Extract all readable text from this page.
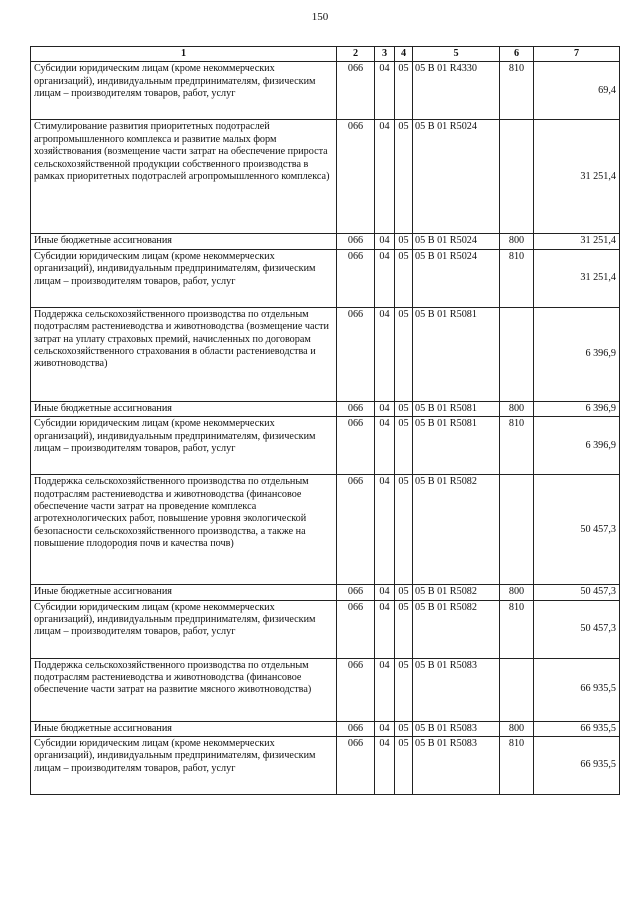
150
1	2	3	4	5	6	7
Субсидии юридическим лицам (кроме некоммерческих организаций), индивидуальным предпринимателям, физическим лицам – производителям товаров, работ, услуг	066	04	05	05 В 01 R4330	810	69,4
Стимулирование развития приоритетных подотраслей агропромышленного комплекса и развитие малых форм хозяйствования (возмещение части затрат на обеспечение прироста сельскохозяйственной продукции собственного производства в рамках приоритетных подотраслей агропромышленного комплекса)	066	04	05	05 В 01 R5024		31 251,4
Иные бюджетные ассигнования	066	04	05	05 В 01 R5024	800	31 251,4
Субсидии юридическим лицам (кроме некоммерческих организаций), индивидуальным предпринимателям, физическим лицам – производителям товаров, работ, услуг	066	04	05	05 В 01 R5024	810	31 251,4
Поддержка сельскохозяйственного производства по отдельным подотраслям растениеводства и животноводства (возмещение части затрат на уплату страховых премий, начисленных по договорам сельскохозяйственного страхования в области растениеводства и животноводства)	066	04	05	05 В 01 R5081		6 396,9
Иные бюджетные ассигнования	066	04	05	05 В 01 R5081	800	6 396,9
Субсидии юридическим лицам (кроме некоммерческих организаций), индивидуальным предпринимателям, физическим лицам – производителям товаров, работ, услуг	066	04	05	05 В 01 R5081	810	6 396,9
Поддержка сельскохозяйственного производства по отдельным подотраслям растениеводства и животноводства (финансовое обеспечение части затрат на проведение комплекса агротехнологических работ, повышение уровня экологической безопасности сельскохозяйственного производства, а также на повышение плодородия почв и качества почв)	066	04	05	05 В 01 R5082		50 457,3
Иные бюджетные ассигнования	066	04	05	05 В 01 R5082	800	50 457,3
Субсидии юридическим лицам (кроме некоммерческих организаций), индивидуальным предпринимателям, физическим лицам – производителям товаров, работ, услуг	066	04	05	05 В 01 R5082	810	50 457,3
Поддержка сельскохозяйственного производства по отдельным подотраслям растениеводства и животноводства (финансовое обеспечение части затрат на развитие мясного животноводства)	066	04	05	05 В 01 R5083		66 935,5
Иные бюджетные ассигнования	066	04	05	05 В 01 R5083	800	66 935,5
Субсидии юридическим лицам (кроме некоммерческих организаций), индивидуальным предпринимателям, физическим лицам – производителям товаров, работ, услуг	066	04	05	05 В 01 R5083	810	66 935,5
